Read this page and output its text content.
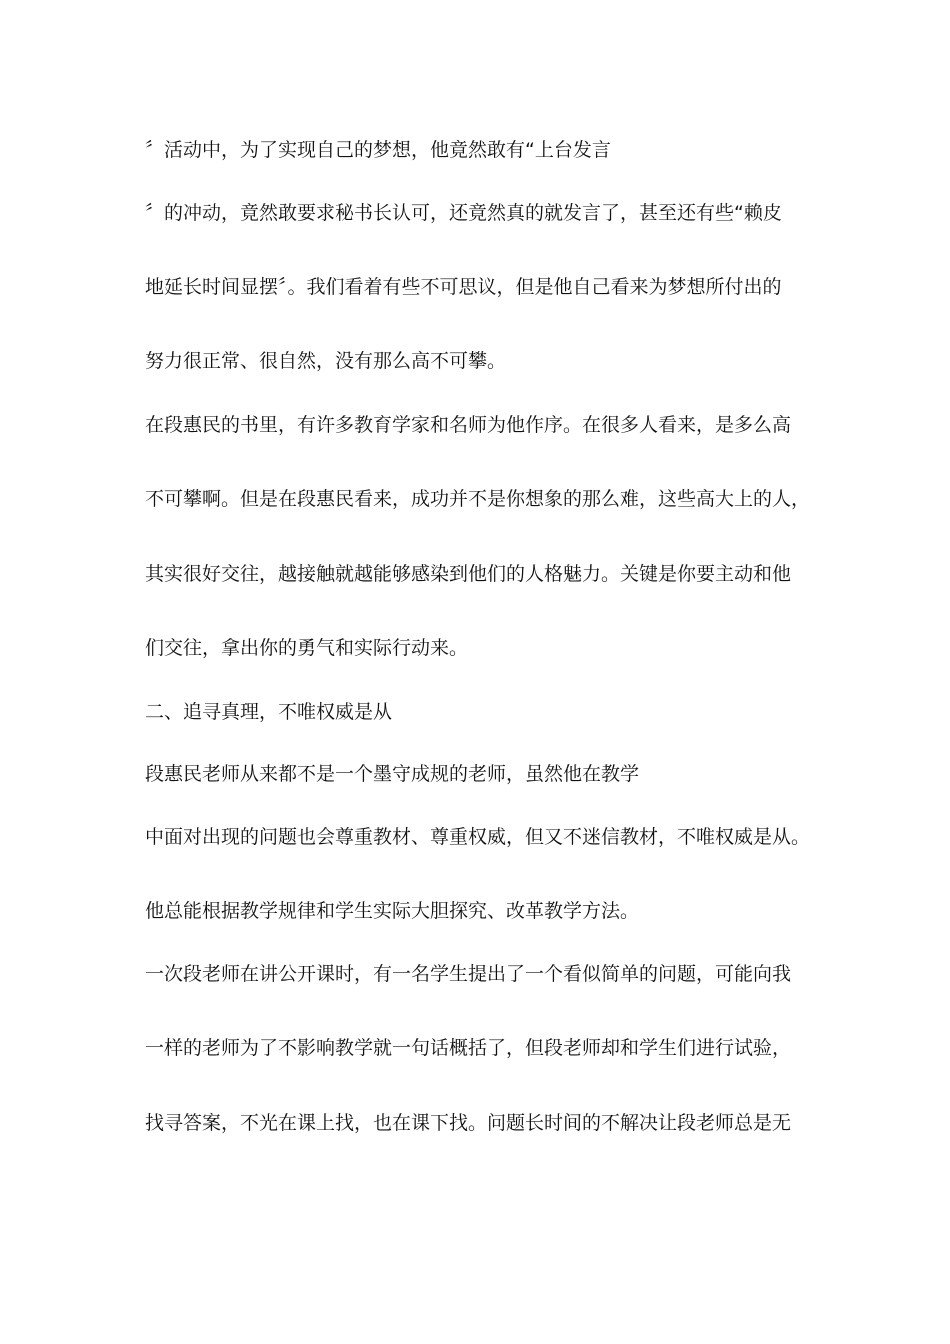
〞活动中，为了实现自己的梦想，他竟然敢有“上台发言
〞的冲动，竟然敢要求秘书长认可，还竟然真的就发言了，甚至还有些“赖皮
地延长时间显摆〞。我们看着有些不可思议，但是他自己看来为梦想所付出的
努力很正常、很自然，没有那么高不可攀。
在段惠民的书里，有许多教育学家和名师为他作序。在很多人看来，是多么高
不可攀啊。但是在段惠民看来，成功并不是你想象的那么难，这些高大上的人，
其实很好交往，越接触就越能够感染到他们的人格魅力。关键是你要主动和他
们交往，拿出你的勇气和实际行动来。
二、追寻真理，不唯权威是从
段惠民老师从来都不是一个墨守成规的老师，虽然他在教学
中面对出现的问题也会尊重教材、尊重权威，但又不迷信教材，不唯权威是从。
他总能根据教学规律和学生实际大胆探究、改革教学方法。
一次段老师在讲公开课时，有一名学生提出了一个看似简单的问题，可能向我
一样的老师为了不影响教学就一句话概括了，但段老师却和学生们进行试验，
找寻答案，不光在课上找，也在课下找。问题长时间的不解决让段老师总是无
